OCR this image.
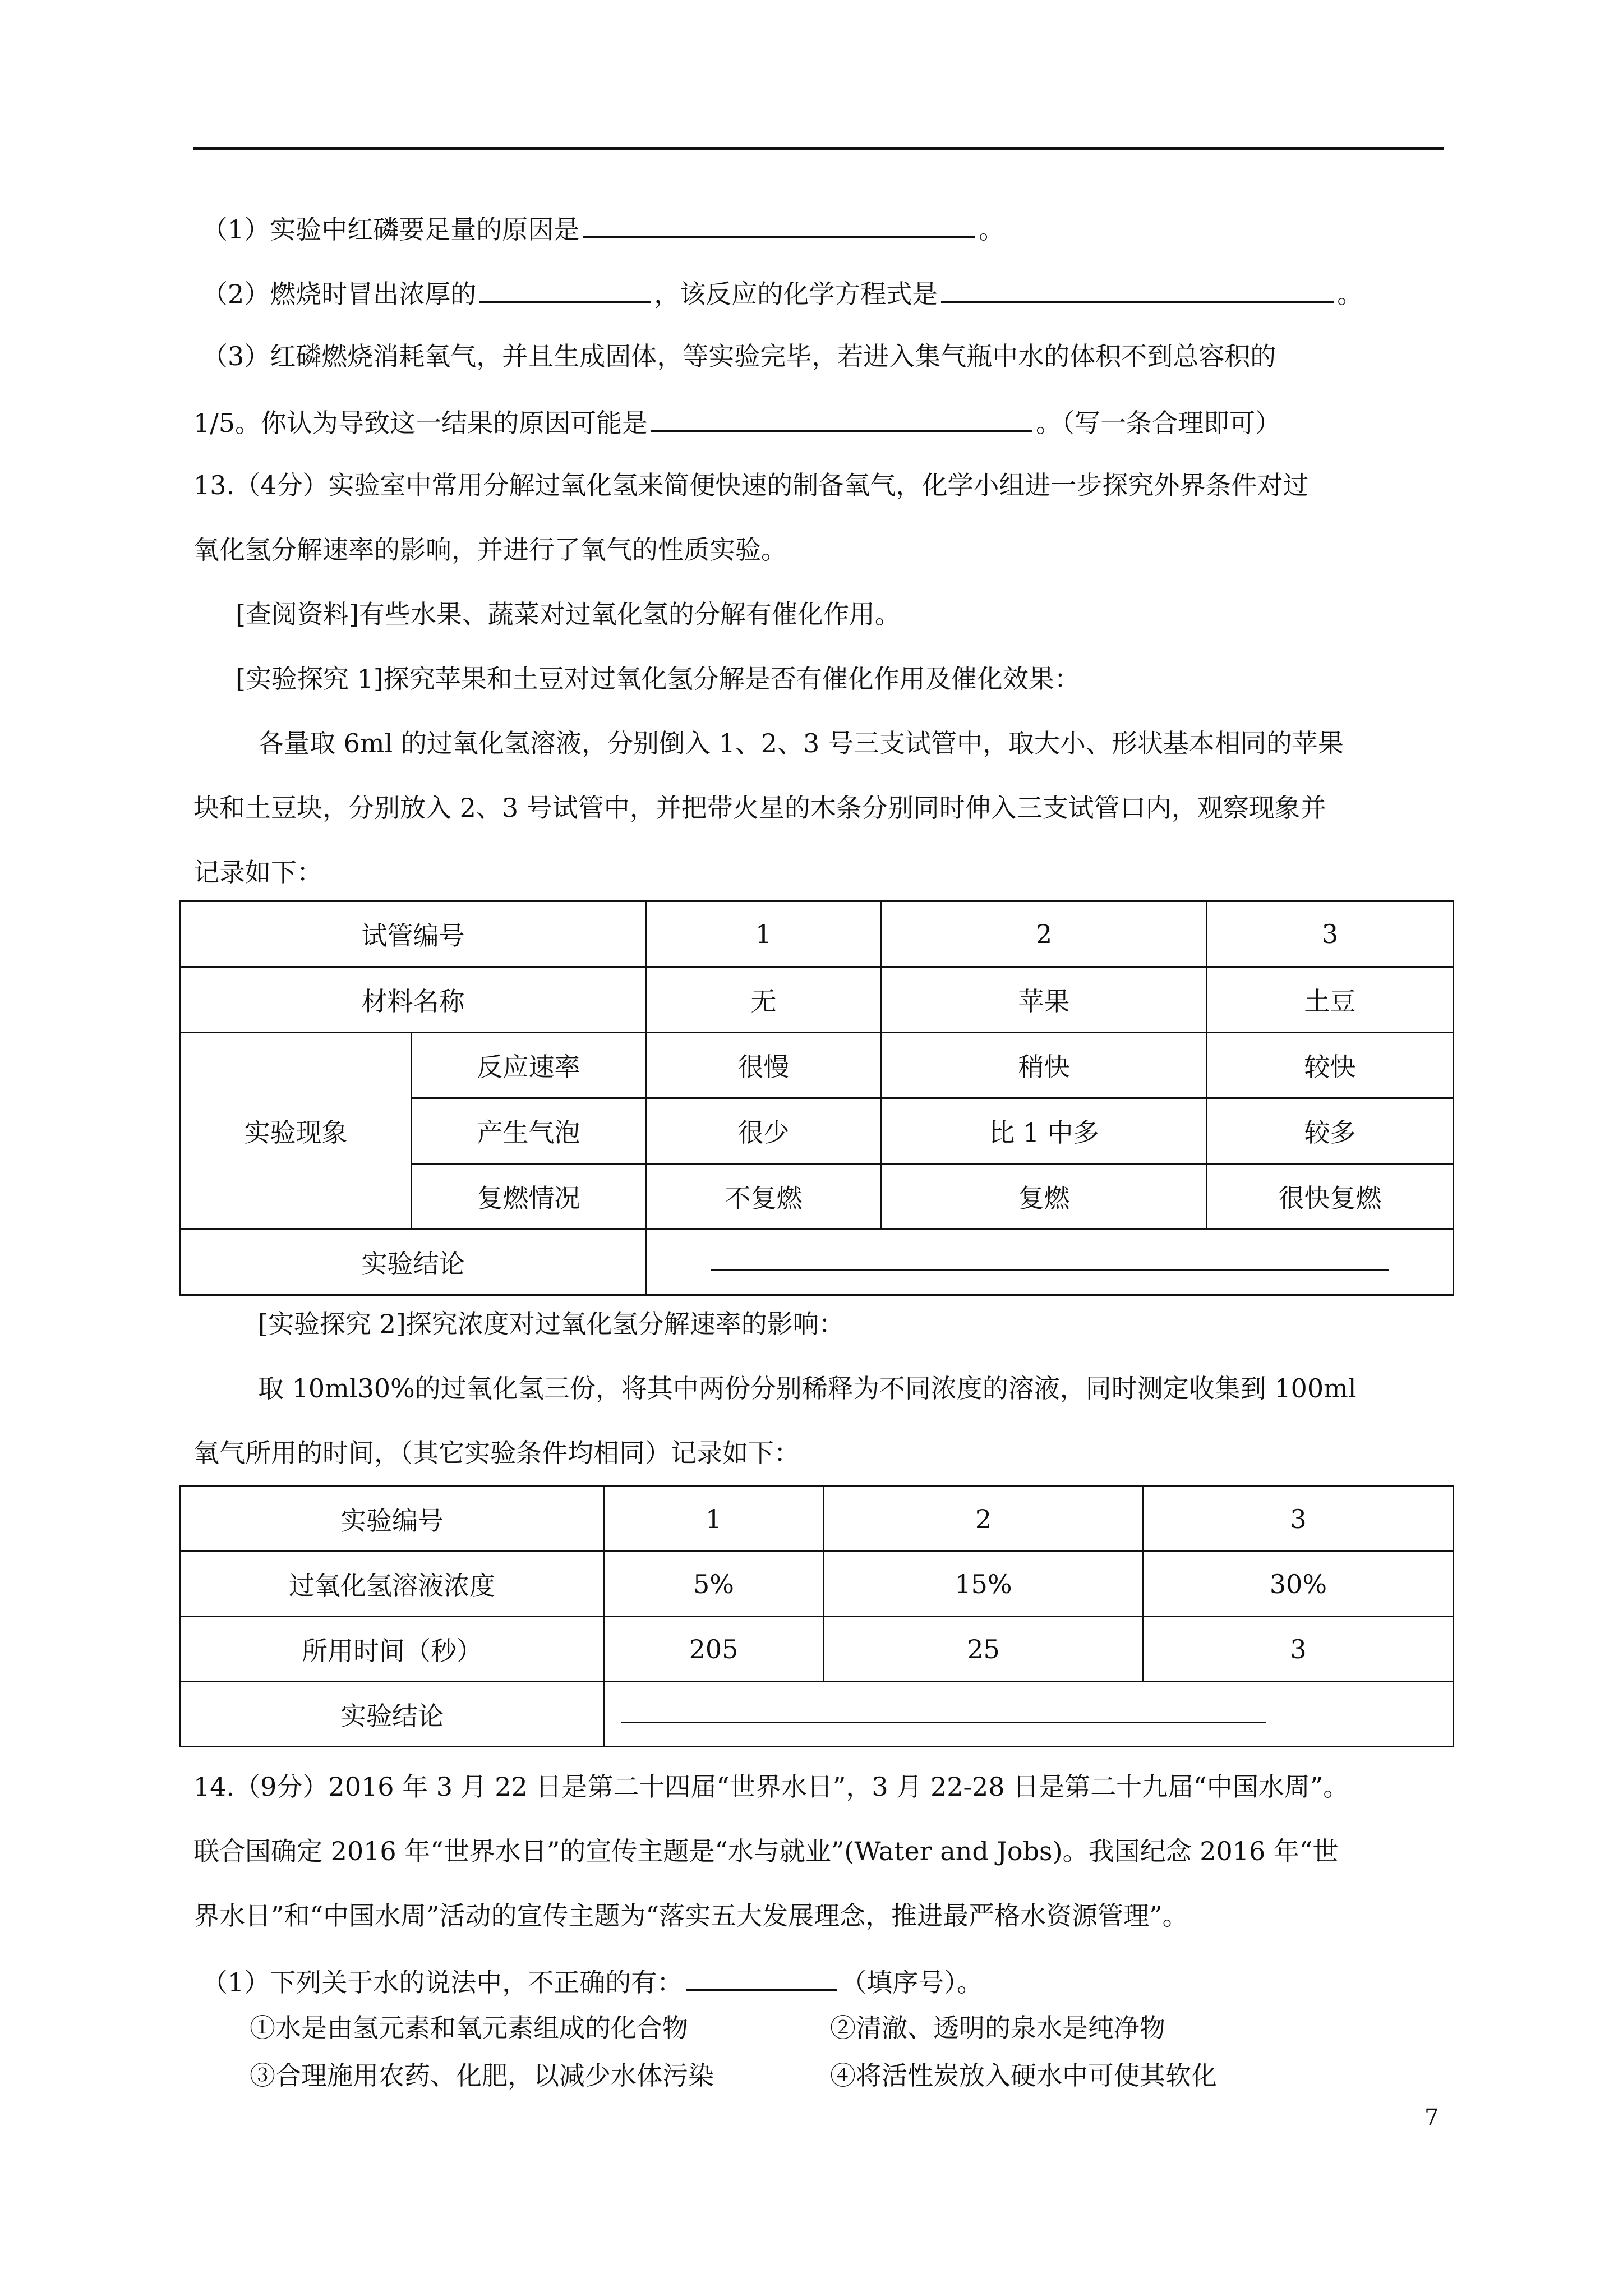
（1）实验中红磷要足量的原因是	。
（2）燃烧时冒出浓厚的	，该反应的化学方程式是	。
（3）红磷燃烧消耗氧气，并且生成固体，等实验完毕，若进入集气瓶中水的体积不到总容积的
1/5。你认为导致这一结果的原因可能是	。（写一条合理即可）
13.（4分）实验室中常用分解过氧化氢来简便快速的制备氧气，化学小组进一步探究外界条件对过
氧化氢分解速率的影响，并进行了氧气的性质实验。
[查阅资料]有些水果、蔬菜对过氧化氢的分解有催化作用。
[实验探究 1]探究苹果和土豆对过氧化氢分解是否有催化作用及催化效果：
各量取 6ml 的过氧化氢溶液，分别倒入 1、2、3 号三支试管中，取大小、形状基本相同的苹果
块和土豆块，分别放入 2、3 号试管中，并把带火星的木条分别同时伸入三支试管口内，观察现象并
记录如下：
试管编号		1	2	3
材料名称		无	苹果	土豆
实验现象	反应速率	很慢	稍快	较快
	产生气泡	很少	比 1 中多	较多
	复燃情况	不复燃	复燃	很快复燃
实验结论				
[实验探究 2]探究浓度对过氧化氢分解速率的影响：
取 10ml30%的过氧化氢三份，将其中两份分别稀释为不同浓度的溶液，同时测定收集到 100ml
氧气所用的时间，（其它实验条件均相同）记录如下：
实验编号	1	2	3
过氧化氢溶液浓度	5%	15%	30%
所用时间（秒）	205	25	3
实验结论			
14.（9分）2016 年 3 月 22 日是第二十四届“世界水日”，3 月 22-28 日是第二十九届“中国水周”。
联合国确定 2016 年“世界水日”的宣传主题是“水与就业”(Water and Jobs)。我国纪念 2016 年“世
界水日”和“中国水周”活动的宣传主题为“落实五大发展理念，推进最严格水资源管理”。
（1）下列关于水的说法中，不正确的有：	（填序号）。
①水是由氢元素和氧元素组成的化合物	②清澈、透明的泉水是纯净物
③合理施用农药、化肥，以减少水体污染	④将活性炭放入硬水中可使其软化
7
